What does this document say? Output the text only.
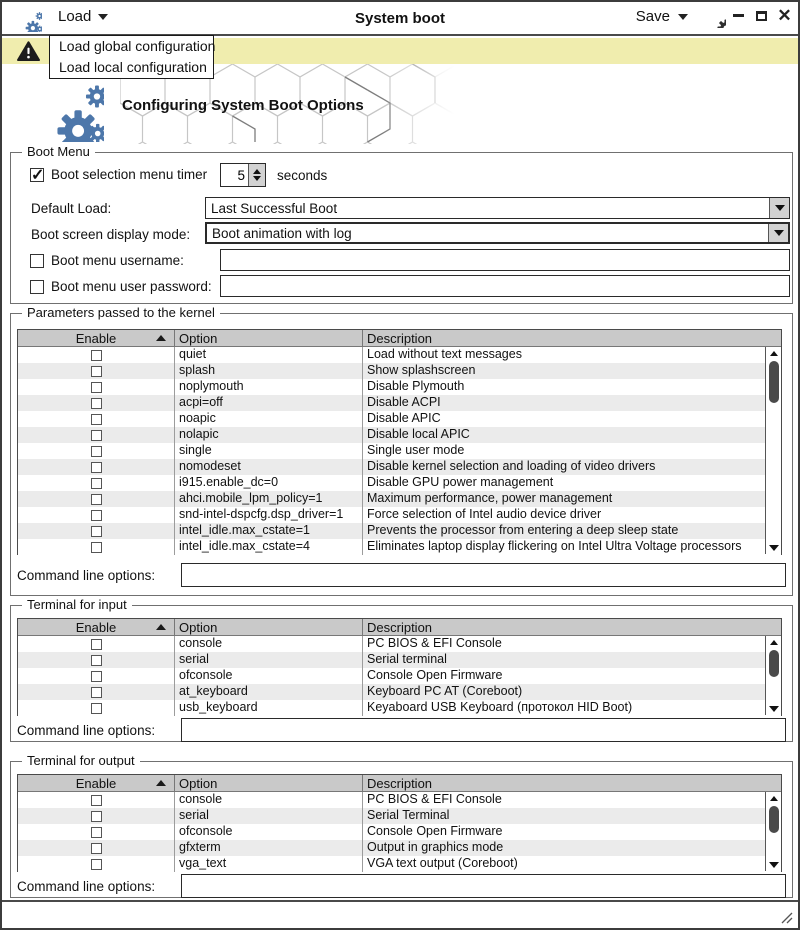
Load	System boot	Save	✕
Load global configuration
Load local configuration
Configuring System Boot Options
Boot Menu
✓
Boot selection menu timer
5	seconds
Default Load:	Last Successful Boot
Boot screen display mode:	Boot animation with log
Boot menu username:
Boot menu user password:
Parameters passed to the kernel
Enable	Option	Description
quiet	Load without text messages
splash	Show splashscreen
noplymouth	Disable Plymouth
acpi=off	Disable ACPI
noapic	Disable APIC
nolapic	Disable local APIC
single	Single user mode
nomodeset	Disable kernel selection and loading of video drivers
i915.enable_dc=0	Disable GPU power management
ahci.mobile_lpm_policy=1	Maximum performance, power management
snd-intel-dspcfg.dsp_driver=1	Force selection of Intel audio device driver
intel_idle.max_cstate=1	Prevents the processor from entering a deep sleep state
intel_idle.max_cstate=4	Eliminates laptop display flickering on Intel Ultra Voltage processors
Command line options:
Terminal for input
Enable	Option	Description
console	PC BIOS & EFI Console
serial	Serial terminal
ofconsole	Console Open Firmware
at_keyboard	Keyboard PC AT (Coreboot)
usb_keyboard	Keyaboard USB Keyboard (протокол HID Boot)
Command line options:
Terminal for output
Enable	Option	Description
console	PC BIOS & EFI Console
serial	Serial Terminal
ofconsole	Console Open Firmware
gfxterm	Output in graphics mode
vga_text	VGA text output (Coreboot)
Command line options:
